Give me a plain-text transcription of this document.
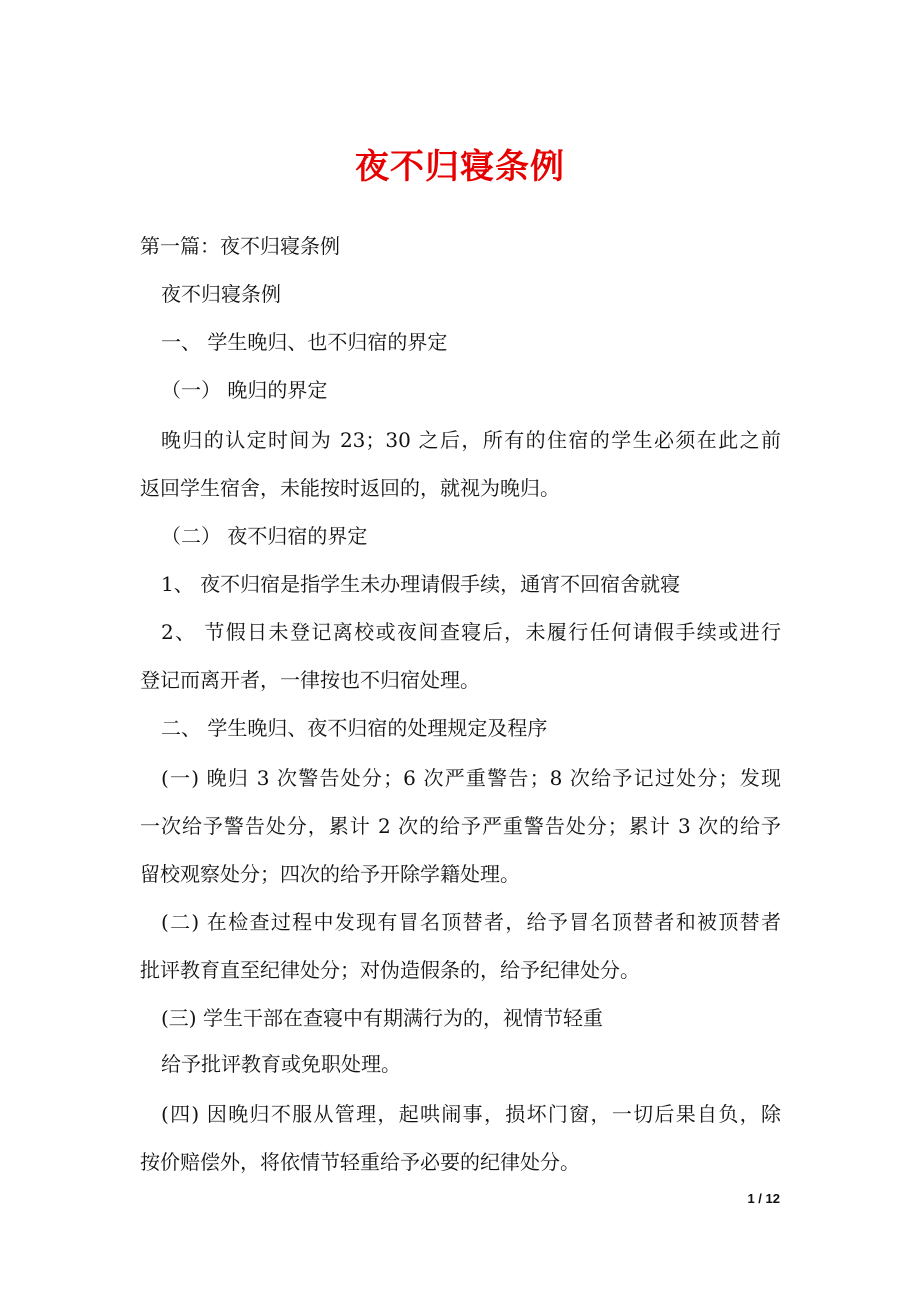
夜不归寝条例
第一篇：夜不归寝条例
夜不归寝条例
一、 学生晚归、也不归宿的界定
（一） 晚归的界定
晚归的认定时间为 23；30 之后，所有的住宿的学生必须在此之前
返回学生宿舍，未能按时返回的，就视为晚归。
（二） 夜不归宿的界定
1、 夜不归宿是指学生未办理请假手续，通宵不回宿舍就寝
2、 节假日未登记离校或夜间查寝后，未履行任何请假手续或进行
登记而离开者，一律按也不归宿处理。
二、 学生晚归、夜不归宿的处理规定及程序
(一) 晚归 3 次警告处分；6 次严重警告；8 次给予记过处分；发现
一次给予警告处分，累计 2 次的给予严重警告处分；累计 3 次的给予
留校观察处分；四次的给予开除学籍处理。
(二) 在检查过程中发现有冒名顶替者，给予冒名顶替者和被顶替者
批评教育直至纪律处分；对伪造假条的，给予纪律处分。
(三) 学生干部在查寝中有期满行为的，视情节轻重
给予批评教育或免职处理。
(四) 因晚归不服从管理，起哄闹事，损坏门窗，一切后果自负，除
按价赔偿外，将依情节轻重给予必要的纪律处分。
1 / 12
